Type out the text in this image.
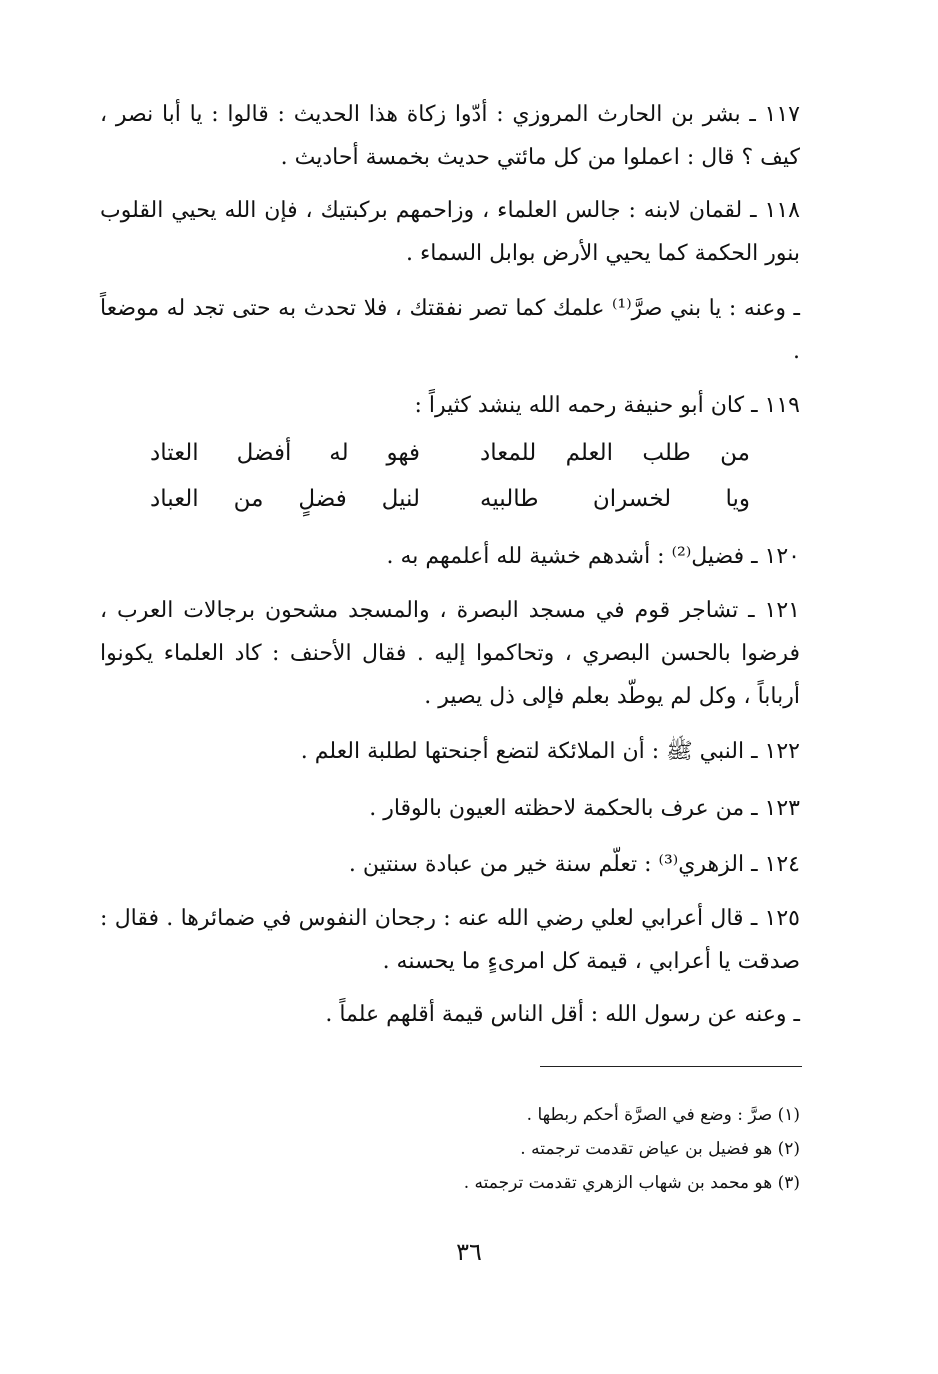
١١٧ ـ بشر بن الحارث المروزي : أدّوا زكاة هذا الحديث : قالوا : يا أبا نصر ، كيف ؟ قال : اعملوا من كل مائتي حديث بخمسة أحاديث .

١١٨ ـ لقمان لابنه : جالس العلماء ، وزاحمهم بركبتيك ، فإن الله يحيي القلوب بنور الحكمة كما يحيي الأرض بوابل السماء .

ـ وعنه : يا بني صرَّ⁽¹⁾ علمك كما تصر نفقتك ، فلا تحدث به حتى تجد له موضعاً .

١١٩ ـ كان أبو حنيفة رحمه الله ينشد كثيراً :

من طلب العلم للمعاد
فهو له أفضل العتاد
ويا لخسران طالبيه
لنيل فضلٍ من العباد

١٢٠ ـ فضيل⁽²⁾ : أشدهم خشية لله أعلمهم به .

١٢١ ـ تشاجر قوم في مسجد البصرة ، والمسجد مشحون برجالات العرب ، فرضوا بالحسن البصري ، وتحاكموا إليه . فقال الأحنف : كاد العلماء يكونوا أرباباً ، وكل لم يوطّد بعلم فإلى ذل يصير .

١٢٢ ـ النبي ﷺ : أن الملائكة لتضع أجنحتها لطلبة العلم .

١٢٣ ـ من عرف بالحكمة لاحظته العيون بالوقار .

١٢٤ ـ الزهري⁽³⁾ : تعلّم سنة خير من عبادة سنتين .

١٢٥ ـ قال أعرابي لعلي رضي الله عنه : رجحان النفوس في ضمائرها . فقال : صدقت يا أعرابي ، قيمة كل امرىءٍ ما يحسنه .

ـ وعنه عن رسول الله : أقل الناس قيمة أقلهم علماً .

(١) صرَّ : وضع في الصرَّة أحكم ربطها .

(٢) هو فضيل بن عياض تقدمت ترجمته .

(٣) هو محمد بن شهاب الزهري تقدمت ترجمته .

٣٦
